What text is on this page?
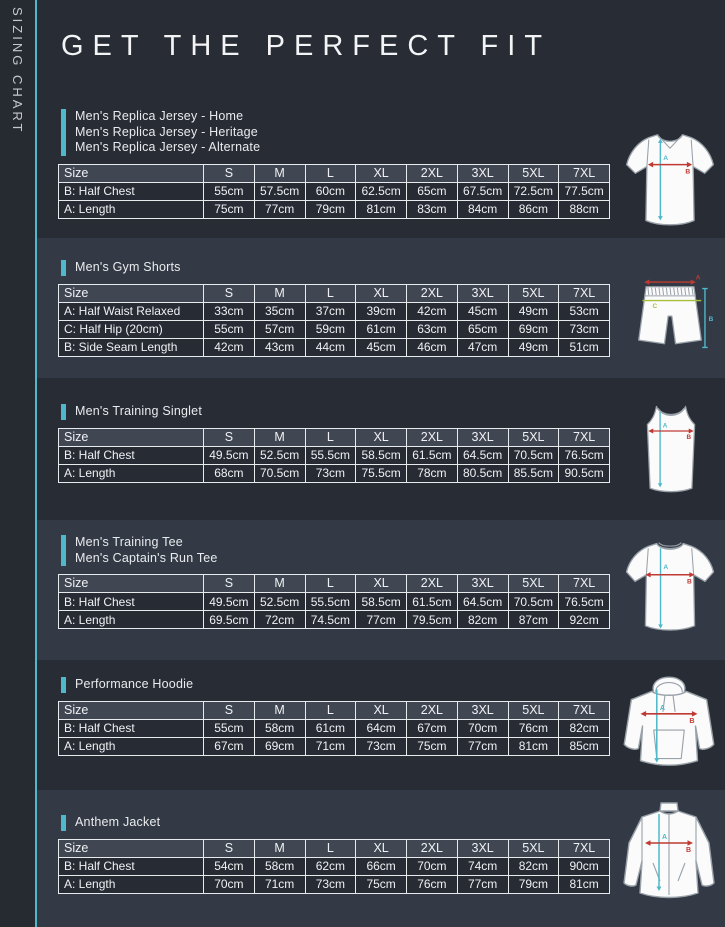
SIZING CHART GET THE PERFECT FIT
Men's Replica Jersey - Home
Men's Replica Jersey - Heritage
Men's Replica Jersey - Alternate
Size	S	M	L	XL	2XL	3XL	5XL	7XL
B: Half Chest	55cm	57.5cm	60cm	62.5cm	65cm	67.5cm	72.5cm	77.5cm
A: Length	75cm	77cm	79cm	81cm	83cm	84cm	86cm	88cm
A
B
Men's Gym Shorts
Size	S	M	L	XL	2XL	3XL	5XL	7XL
A: Half Waist Relaxed	33cm	35cm	37cm	39cm	42cm	45cm	49cm	53cm
C: Half Hip (20cm)	55cm	57cm	59cm	61cm	63cm	65cm	69cm	73cm
B: Side Seam Length	42cm	43cm	44cm	45cm	46cm	47cm	49cm	51cm
A
C
B
Men's Training Singlet
Size	S	M	L	XL	2XL	3XL	5XL	7XL
B: Half Chest	49.5cm	52.5cm	55.5cm	58.5cm	61.5cm	64.5cm	70.5cm	76.5cm
A: Length	68cm	70.5cm	73cm	75.5cm	78cm	80.5cm	85.5cm	90.5cm
A
B
Men's Training Tee
Men's Captain's Run Tee
Size	S	M	L	XL	2XL	3XL	5XL	7XL
B: Half Chest	49.5cm	52.5cm	55.5cm	58.5cm	61.5cm	64.5cm	70.5cm	76.5cm
A: Length	69.5cm	72cm	74.5cm	77cm	79.5cm	82cm	87cm	92cm
A
B
Performance Hoodie
Size	S	M	L	XL	2XL	3XL	5XL	7XL
B: Half Chest	55cm	58cm	61cm	64cm	67cm	70cm	76cm	82cm
A: Length	67cm	69cm	71cm	73cm	75cm	77cm	81cm	85cm
A
B
Anthem Jacket
Size	S	M	L	XL	2XL	3XL	5XL	7XL
B: Half Chest	54cm	58cm	62cm	66cm	70cm	74cm	82cm	90cm
A: Length	70cm	71cm	73cm	75cm	76cm	77cm	79cm	81cm
A
B
